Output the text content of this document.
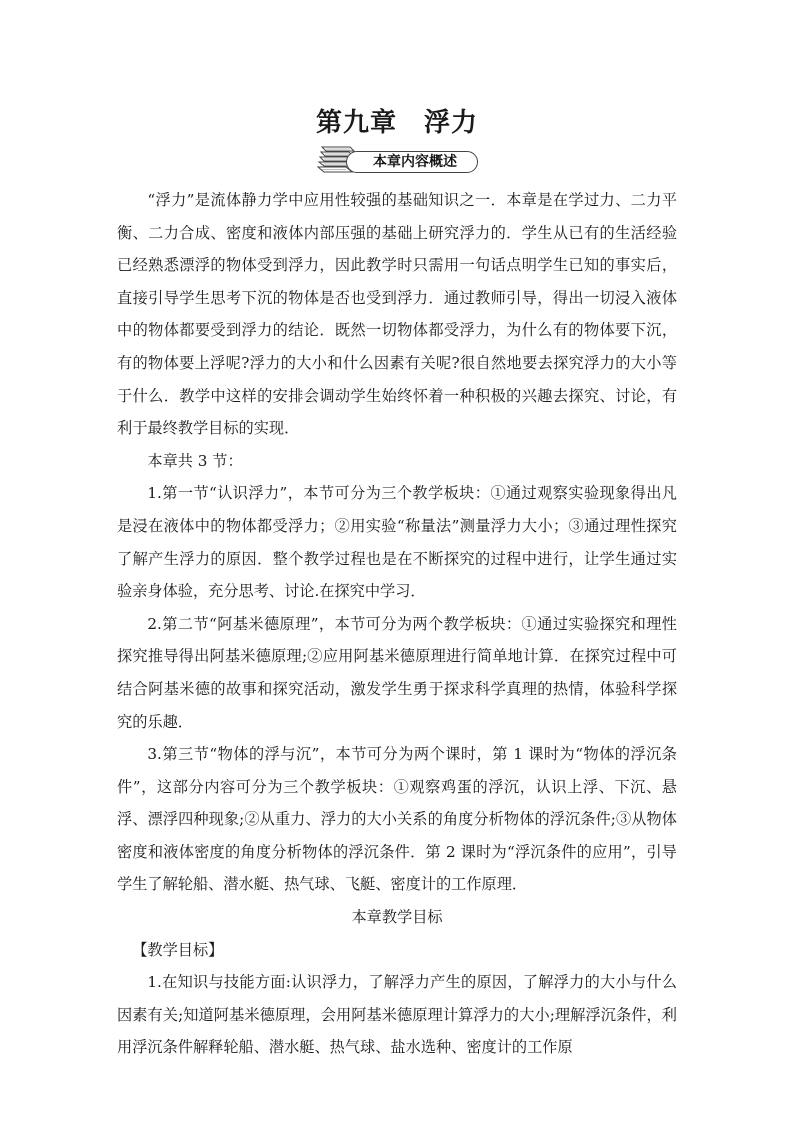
第九章　浮力
本章内容概述

“浮力”是流体静力学中应用性较强的基础知识之一．本章是在学过力、二力平衡、二力合成、密度和液体内部压强的基础上研究浮力的．学生从已有的生活经验已经熟悉漂浮的物体受到浮力，因此教学时只需用一句话点明学生已知的事实后，直接引导学生思考下沉的物体是否也受到浮力．通过教师引导，得出一切浸入液体中的物体都要受到浮力的结论．既然一切物体都受浮力，为什么有的物体要下沉，有的物体要上浮呢?浮力的大小和什么因素有关呢?很自然地要去探究浮力的大小等于什么．教学中这样的安排会调动学生始终怀着一种积极的兴趣去探究、讨论，有利于最终教学目标的实现．

本章共 3 节：

1.第一节“认识浮力”，本节可分为三个教学板块：①通过观察实验现象得出凡是浸在液体中的物体都受浮力；②用实验“称量法”测量浮力大小；③通过理性探究了解产生浮力的原因．整个教学过程也是在不断探究的过程中进行，让学生通过实验亲身体验，充分思考、讨论.在探究中学习．

2.第二节“阿基米德原理”，本节可分为两个教学板块：①通过实验探究和理性探究推导得出阿基米德原理;②应用阿基米德原理进行简单地计算．在探究过程中可结合阿基米德的故事和探究活动，激发学生勇于探求科学真理的热情，体验科学探究的乐趣．

3.第三节“物体的浮与沉”，本节可分为两个课时，第 1 课时为“物体的浮沉条件”，这部分内容可分为三个教学板块：①观察鸡蛋的浮沉，认识上浮、下沉、悬浮、漂浮四种现象;②从重力、浮力的大小关系的角度分析物体的浮沉条件;③从物体密度和液体密度的角度分析物体的浮沉条件．第 2 课时为“浮沉条件的应用”，引导学生了解轮船、潜水艇、热气球、飞艇、密度计的工作原理．

本章教学目标

【教学目标】

1.在知识与技能方面:认识浮力，了解浮力产生的原因，了解浮力的大小与什么因素有关;知道阿基米德原理，会用阿基米德原理计算浮力的大小;理解浮沉条件，利用浮沉条件解释轮船、潜水艇、热气球、盐水选种、密度计的工作原
